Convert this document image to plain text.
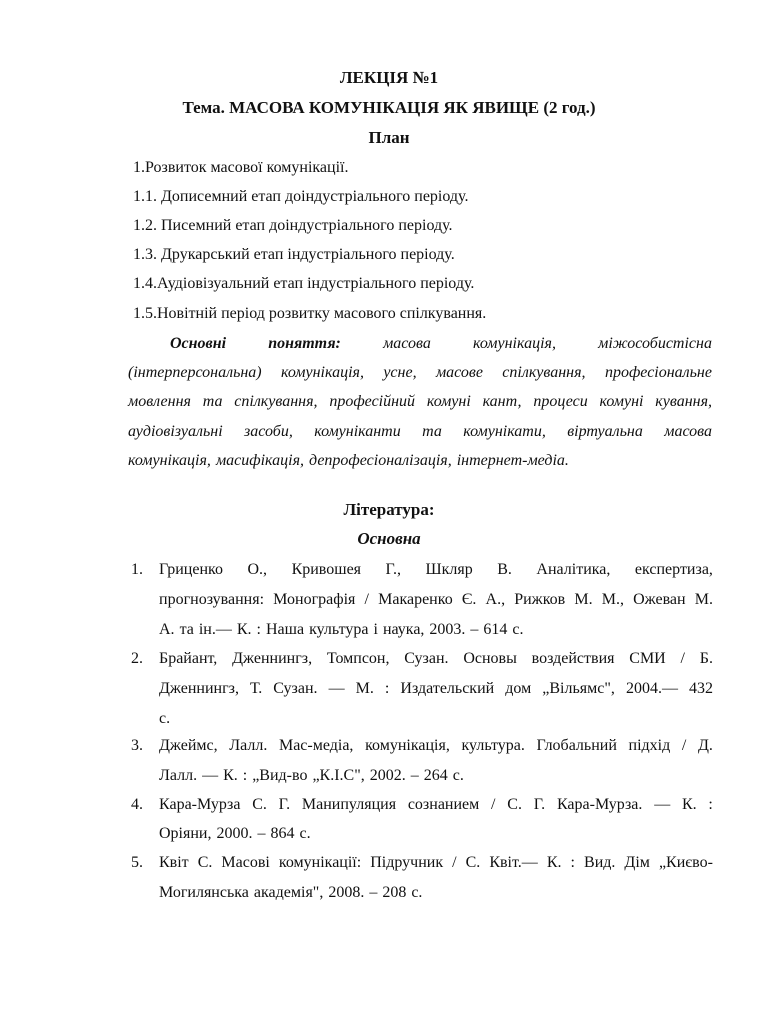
ЛЕКЦІЯ №1
Тема. МАСОВА КОМУНІКАЦІЯ ЯК ЯВИЩЕ (2 год.)
План
1.Розвиток масової комунікації.
1.1. Дописемний етап доіндустріального періоду.
1.2. Писемний етап доіндустріального періоду.
1.3. Друкарський етап індустріального періоду.
1.4.Аудіовізуальний етап індустріального періоду.
1.5.Новітній період розвитку масового спілкування.
Основні	поняття:	масова	комунікація,	міжособистісна
(інтерперсональна) комунікація, усне, масове спілкування, професіональне
мовлення та спілкування, професійний комуні кант, процеси комуні кування,
аудіовізуальні засоби, комуніканти та комунікати, віртуальна масова
комунікація, масифікація, депрофесіоналізація, інтернет-медіа.
Література:
Основна
1. Гриценко О., Кривошея Г., Шкляр В. Аналітика, експертиза,
прогнозування: Монографія / Макаренко Є. А., Рижков М. М., Ожеван М.
А. та ін.— К. : Наша культура і наука, 2003. – 614 с.
2. Брайант, Дженнингз, Томпсон, Сузан. Основы воздействия СМИ / Б.
Дженнингз, Т. Сузан. — М. : Издательский дом „Вільямс", 2004.— 432
с.
3. Джеймс, Лалл. Мас-медіа, комунікація, культура. Глобальний підхід / Д.
Лалл. — К. : „Вид-во „К.І.С", 2002. – 264 с.
4. Кара-Мурза С. Г. Манипуляция сознанием / С. Г. Кара-Мурза. — К. :
Оріяни, 2000. – 864 с.
5. Квіт С. Масові комунікації: Підручник / С. Квіт.— К. : Вид. Дім „Києво-
Могилянська академія", 2008. – 208 с.
